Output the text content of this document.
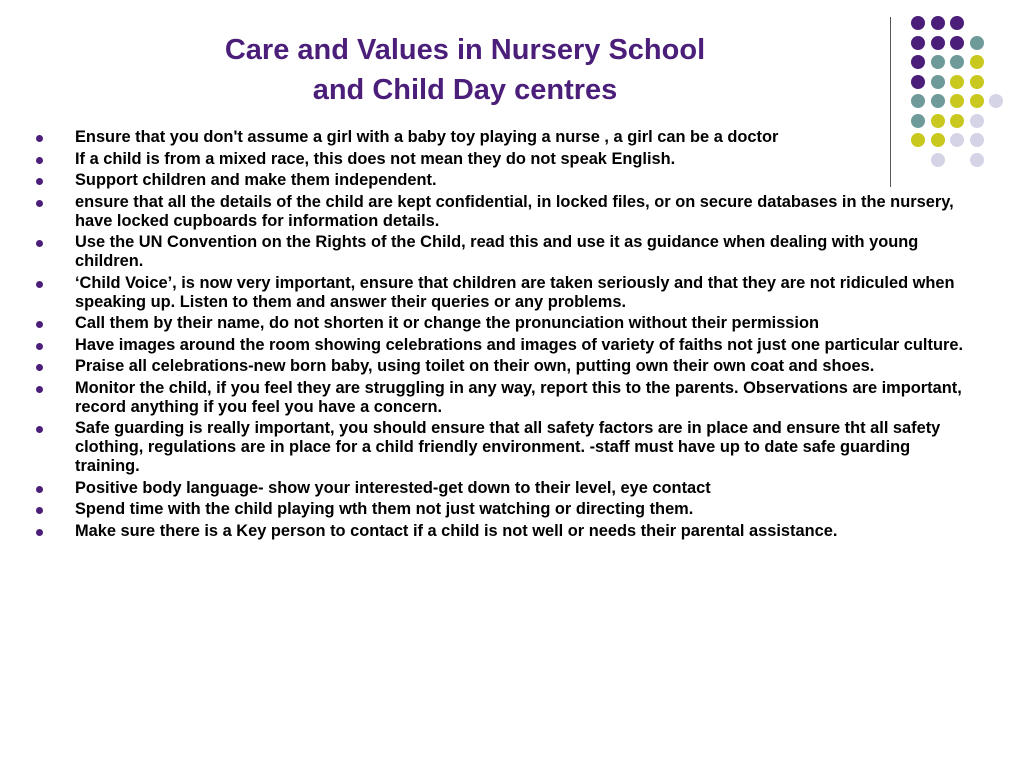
Care and Values in Nursery School
and Child Day centres
Ensure that you don't assume a girl with a baby toy playing a nurse , a girl can be a doctor
If a child is from a mixed race, this does not mean they do not speak English.
Support children and make them independent.
ensure that all the details of the child are kept confidential, in locked files, or on secure databases in the nursery, have locked cupboards for information details.
Use the UN Convention on the Rights of the Child, read this and use it as guidance when dealing with young children.
‘Child Voice’, is now very important, ensure that children are taken seriously and that they are not ridiculed when speaking up. Listen to them and answer their queries or any problems.
Call them by their name, do not shorten it or change the pronunciation without their permission
Have images around the room showing celebrations and images of variety of faiths not just one particular culture.
Praise all celebrations-new born baby, using toilet on their own, putting own their own coat and shoes.
Monitor the child, if you feel they are struggling in any way, report this to the parents. Observations are important, record anything if you feel you have a concern.
Safe guarding is really important, you should ensure that all safety factors are in place and ensure tht all safety clothing, regulations are in place for a child friendly environment. -staff must have up to date safe guarding training.
Positive body language- show your interested-get down to their level, eye contact
Spend time with the child playing wth them not just watching or directing them.
Make sure there is a Key person to contact if a child is not well or needs their parental assistance.
